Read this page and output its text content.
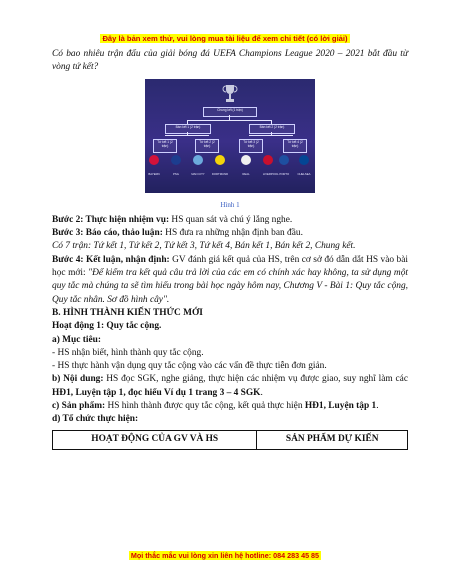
Đây là bản xem thử, vui lòng mua tài liệu để xem chi tiết (có lời giải)

Có bao nhiêu trận đấu của giải bóng đá UEFA Champions League 2020 – 2021 bắt đầu từ vòng tứ kết?

Chung kết (1 trận)
Bán kết 1 (2 trận)	Bán kết 2 (2 trận)
Tứ kết 1 (2 trận)
Tứ kết 2 (2 trận)
Tứ kết 3 (2 trận)
Tứ kết 4 (2 trận)
BAYERN	PSG	MAN CITY	DORTMUND	REAL	LIVERPOOL PORTO	CHELSEA

Hình 1

Bước 2: Thực hiện nhiệm vụ: HS quan sát và chú ý lắng nghe.

Bước 3: Báo cáo, thảo luận: HS đưa ra những nhận định ban đầu.

Có 7 trận: Tứ kết 1, Tứ kết 2, Tứ kết 3, Tứ kết 4, Bán kết 1, Bán kết 2, Chung kết.

Bước 4: Kết luận, nhận định: GV đánh giá kết quả của HS, trên cơ sở đó dẫn dắt HS vào bài học mới: "Để kiểm tra kết quả câu trả lời của các em có chính xác hay không, ta sử dụng một quy tắc mà chúng ta sẽ tìm hiểu trong bài học ngày hôm nay, Chương V - Bài 1: Quy tắc cộng, Quy tắc nhân. Sơ đồ hình cây".

B. HÌNH THÀNH KIẾN THỨC MỚI

Hoạt động 1: Quy tắc cộng.

a) Mục tiêu:

- HS nhận biết, hình thành quy tắc cộng.

- HS thực hành vận dụng quy tắc cộng vào các vấn đề thực tiễn đơn giản.

b) Nội dung: HS đọc SGK, nghe giảng, thực hiện các nhiệm vụ được giao, suy nghĩ làm các HĐ1, Luyện tập 1, đọc hiểu Ví dụ 1 trang 3 – 4 SGK.

c) Sản phẩm: HS hình thành được quy tắc cộng, kết quả thực hiện HĐ1, Luyện tập 1.

d) Tổ chức thực hiện:

HOẠT ĐỘNG CỦA GV VÀ HS	SẢN PHẨM DỰ KIẾN
Mọi thắc mắc vui lòng xin liên hệ hotline: 084 283 45 85
